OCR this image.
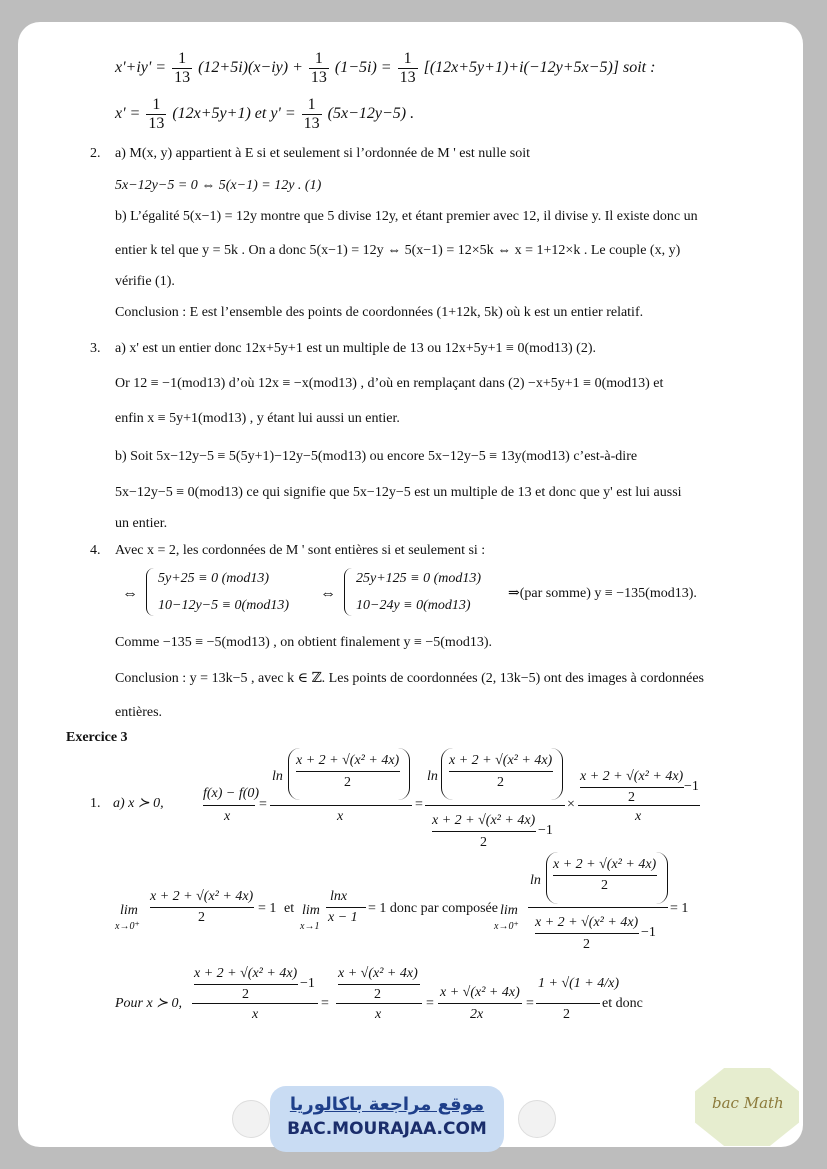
$x'+iy' = \frac{1}{13} (12+5i)(x-iy) + \frac{1}{13} (1-5i) = \frac{1}{13} [(12x+5y+1)+i(-12y+5x-5)]$ soit :
$x' = \frac{1}{13} (12x+5y+1)$ et $y' = \frac{1}{13} (5x-12y-5)$ .
2. a) M(x, y) appartient à E si et seulement si l’ordonnée de M ' est nulle soit
5x−12y−5 = 0 ⇔ 5(x−1) = 12y . (1)
b) L’égalité 5(x−1) = 12y montre que 5 divise 12y, et étant premier avec 12, il divise y. Il existe donc un
entier k tel que y = 5k . On a donc 5(x−1) = 12y ⇔ 5(x−1) = 12×5k ⇔ x = 1+12×k . Le couple (x, y)
vérifie (1).
Conclusion : E est l’ensemble des points de coordonnées (1+12k, 5k) où k est un entier relatif.
3. a) x' est un entier donc 12x+5y+1 est un multiple de 13 ou 12x+5y+1 ≡ 0(mod13) (2).
Or 12 ≡ −1(mod13) d’où 12x ≡ −x(mod13) , d’où en remplaçant dans (2) −x+5y+1 ≡ 0(mod13) et
enfin x ≡ 5y+1(mod13) , y étant lui aussi un entier.
b) Soit 5x−12y−5 ≡ 5(5y+1)−12y−5(mod13) ou encore 5x−12y−5 ≡ 13y(mod13) c’est-à-dire
5x−12y−5 ≡ 0(mod13) ce qui signifie que 5x−12y−5 est un multiple de 13 et donc que y' est lui aussi
un entier.
4. Avec x = 2, les cordonnées de M ' sont entières si et seulement si :
⇔
5y+25 ≡ 0 (mod13)
10−12y−5 ≡ 0(mod13)
⇔
25y+125 ≡ 0 (mod13)
10−24y ≡ 0(mod13)
⇒(par somme) y ≡ −135(mod13).
Comme −135 ≡ −5(mod13) , on obtient finalement y ≡ −5(mod13).
Conclusion : y = 13k−5 , avec k ∈ ℤ. Les points de coordonnées (2, 13k−5) ont des images à cordonnées
entières.
Exercice 3
1. a) x ≻ 0,
f(x) − f(0)
x
=
ln
x + 2 + √(x² + 4x)
2
x
=
ln
x + 2 + √(x² + 4x)
2
x + 2 + √(x² + 4x)
2
−1
×
x + 2 + √(x² + 4x)
2
−1
x
lim
x→0⁺
x + 2 + √(x² + 4x)
2
= 1 et lim
x→1
lnx
x − 1
= 1 donc par composée lim
x→0⁺
ln
x + 2 + √(x² + 4x)
2
x + 2 + √(x² + 4x)
2
−1
= 1
Pour x ≻ 0,
x + 2 + √(x² + 4x)
2
−1
x
=
x + √(x² + 4x)
2
x
=
x + √(x² + 4x)
2x
=
1 + √(1 + 4/x)
2
et donc
موقع مراجعة باكالوريا
BAC.MOURAJAA.COM
bac Math
